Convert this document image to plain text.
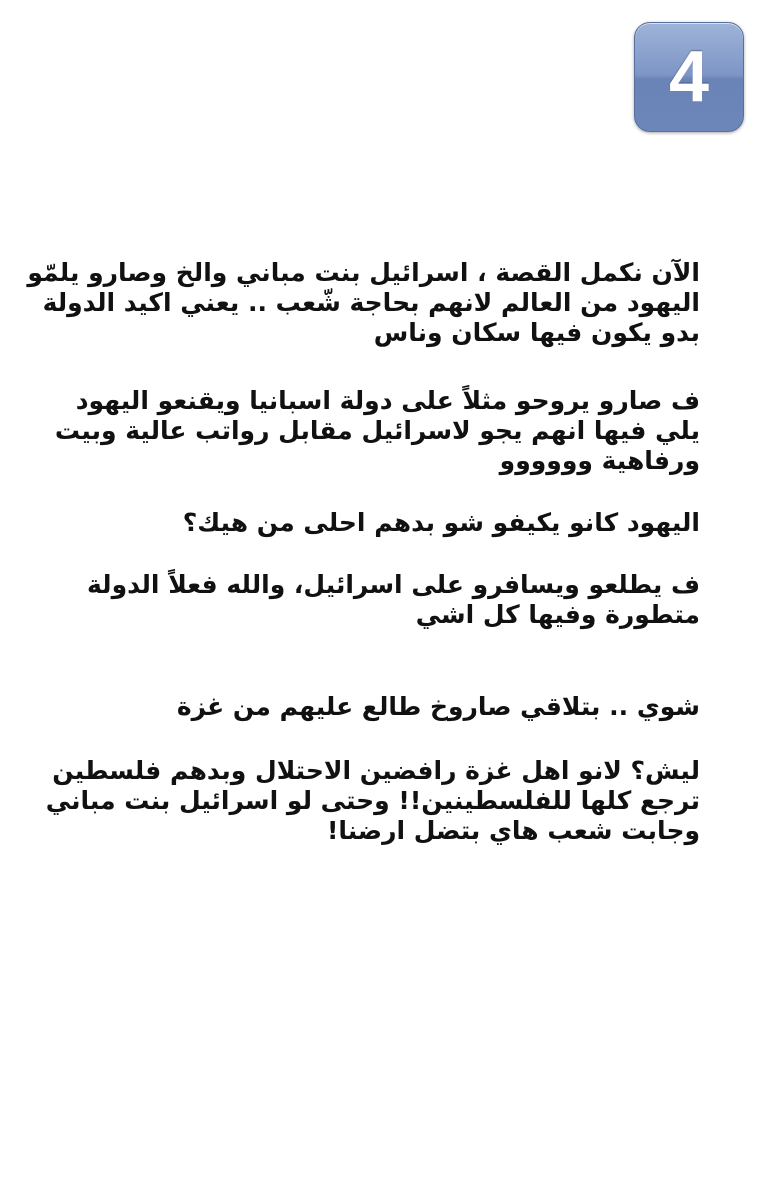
4
الآن نكمل القصة ، اسرائيل بنت مباني والخ وصارو يلمّو
اليهود من العالم لانهم بحاجة شّعب .. يعني اكيد الدولة
بدو يكون فيها سكان وناس
ف صارو يروحو مثلاً على دولة اسبانيا ويقنعو اليهود
يلي فيها انهم يجو لاسرائيل مقابل رواتب عالية وبيت
ورفاهية وووووو
اليهود كانو يكيفو شو بدهم احلى من هيك؟
ف يطلعو ويسافرو على اسرائيل، والله فعلاً الدولة
متطورة وفيها كل اشي
شوي .. بتلاقي صاروخ طالع عليهم من غزة
ليش؟ لانو اهل غزة رافضين الاحتلال وبدهم فلسطين
ترجع كلها للفلسطينين!! وحتى لو اسرائيل بنت مباني
وجابت شعب هاي بتضل ارضنا!
